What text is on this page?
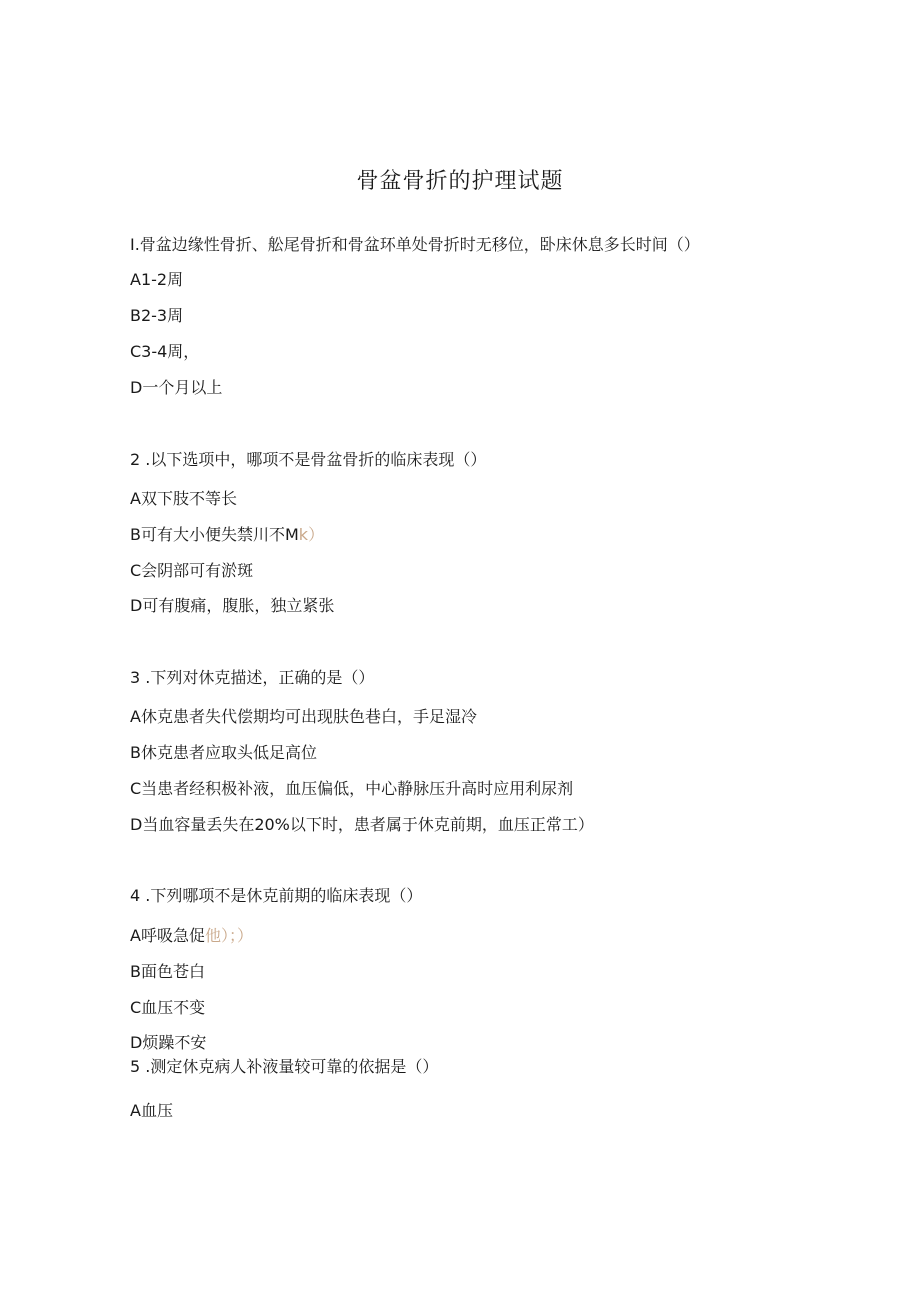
骨盆骨折的护理试题
I.骨盆边缘性骨折、舩尾骨折和骨盆环单处骨折时无移位，卧床休息多长时间（）
A1-2周
B2-3周
C3-4周，
D一个月以上
2 .以下选项中，哪项不是骨盆骨折的临床表现（）
A双下肢不等长
B可有大小便失禁川不Mk）
C会阴部可有淤斑
D可有腹痛，腹胀，独立紧张
3 .下列对休克描述，正确的是（）
A休克患者失代偿期均可出现肤色巷白，手足湿冷
B休克患者应取头低足高位
C当患者经积极补液，血压偏低，中心静脉压升高时应用利尿剂
D当血容量丢失在20%以下时，患者属于休克前期，血压正常工）
4 .下列哪项不是休克前期的临床表现（）
A呼吸急促他）；）
B面色苍白
C血压不变
D烦躁不安
5 .测定休克病人补液量较可靠的依据是（）
A血压
